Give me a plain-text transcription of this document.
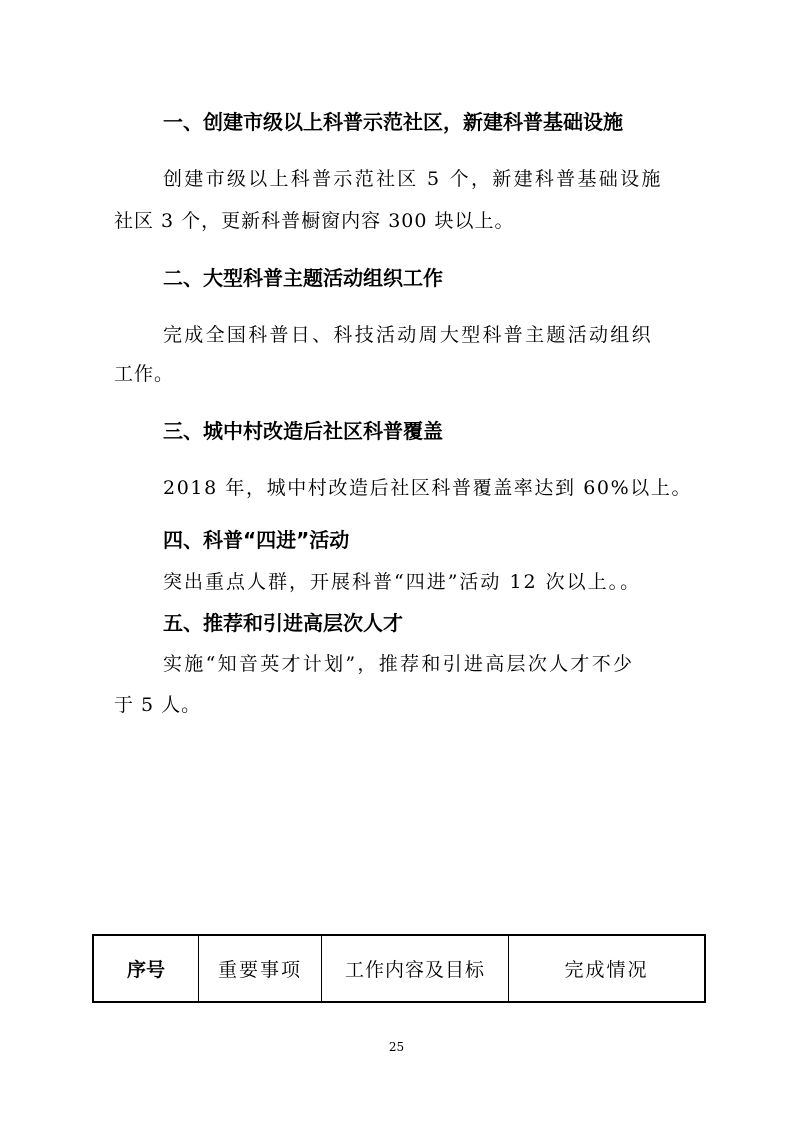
一、创建市级以上科普示范社区，新建科普基础设施
创建市级以上科普示范社区 5 个，新建科普基础设施
社区 3 个，更新科普橱窗内容 300 块以上。
二、大型科普主题活动组织工作
完成全国科普日、科技活动周大型科普主题活动组织
工作。
三、城中村改造后社区科普覆盖
2018 年，城中村改造后社区科普覆盖率达到 60%以上。
四、科普“四进”活动
突出重点人群，开展科普“四进”活动 12 次以上。。
五、推荐和引进高层次人才
实施“知音英才计划”，推荐和引进高层次人才不少
于 5 人。
序号	重要事项	工作内容及目标	完成情况
25
